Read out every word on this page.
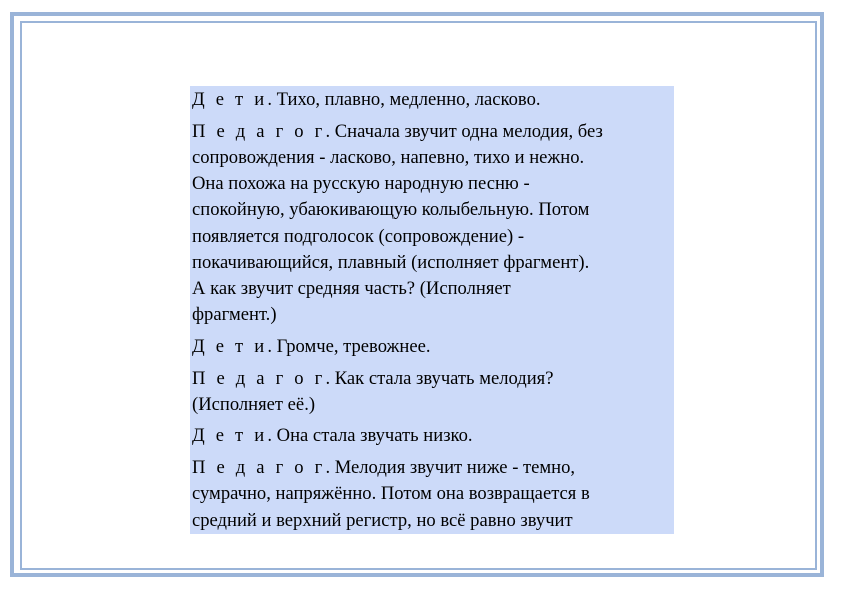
Д е т и. Тихо, плавно, медленно, ласково.

П е д а г о г. Сначала звучит одна мелодия, без
сопровождения - ласково, напевно, тихо и нежно.
Она похожа на русскую народную песню -
спокойную, убаюкивающую колыбельную. Потом
появляется подголосок (сопровождение) -
покачивающийся, плавный (исполняет фрагмент).
А как звучит средняя часть? (Исполняет
фрагмент.)

Д е т и. Громче, тревожнее.

П е д а г о г. Как стала звучать мелодия?
(Исполняет её.)

Д е т и. Она стала звучать низко.

П е д а г о г. Мелодия звучит ниже - темно,
сумрачно, напряжённо. Потом она возвращается в
средний и верхний регистр, но всё равно звучит
